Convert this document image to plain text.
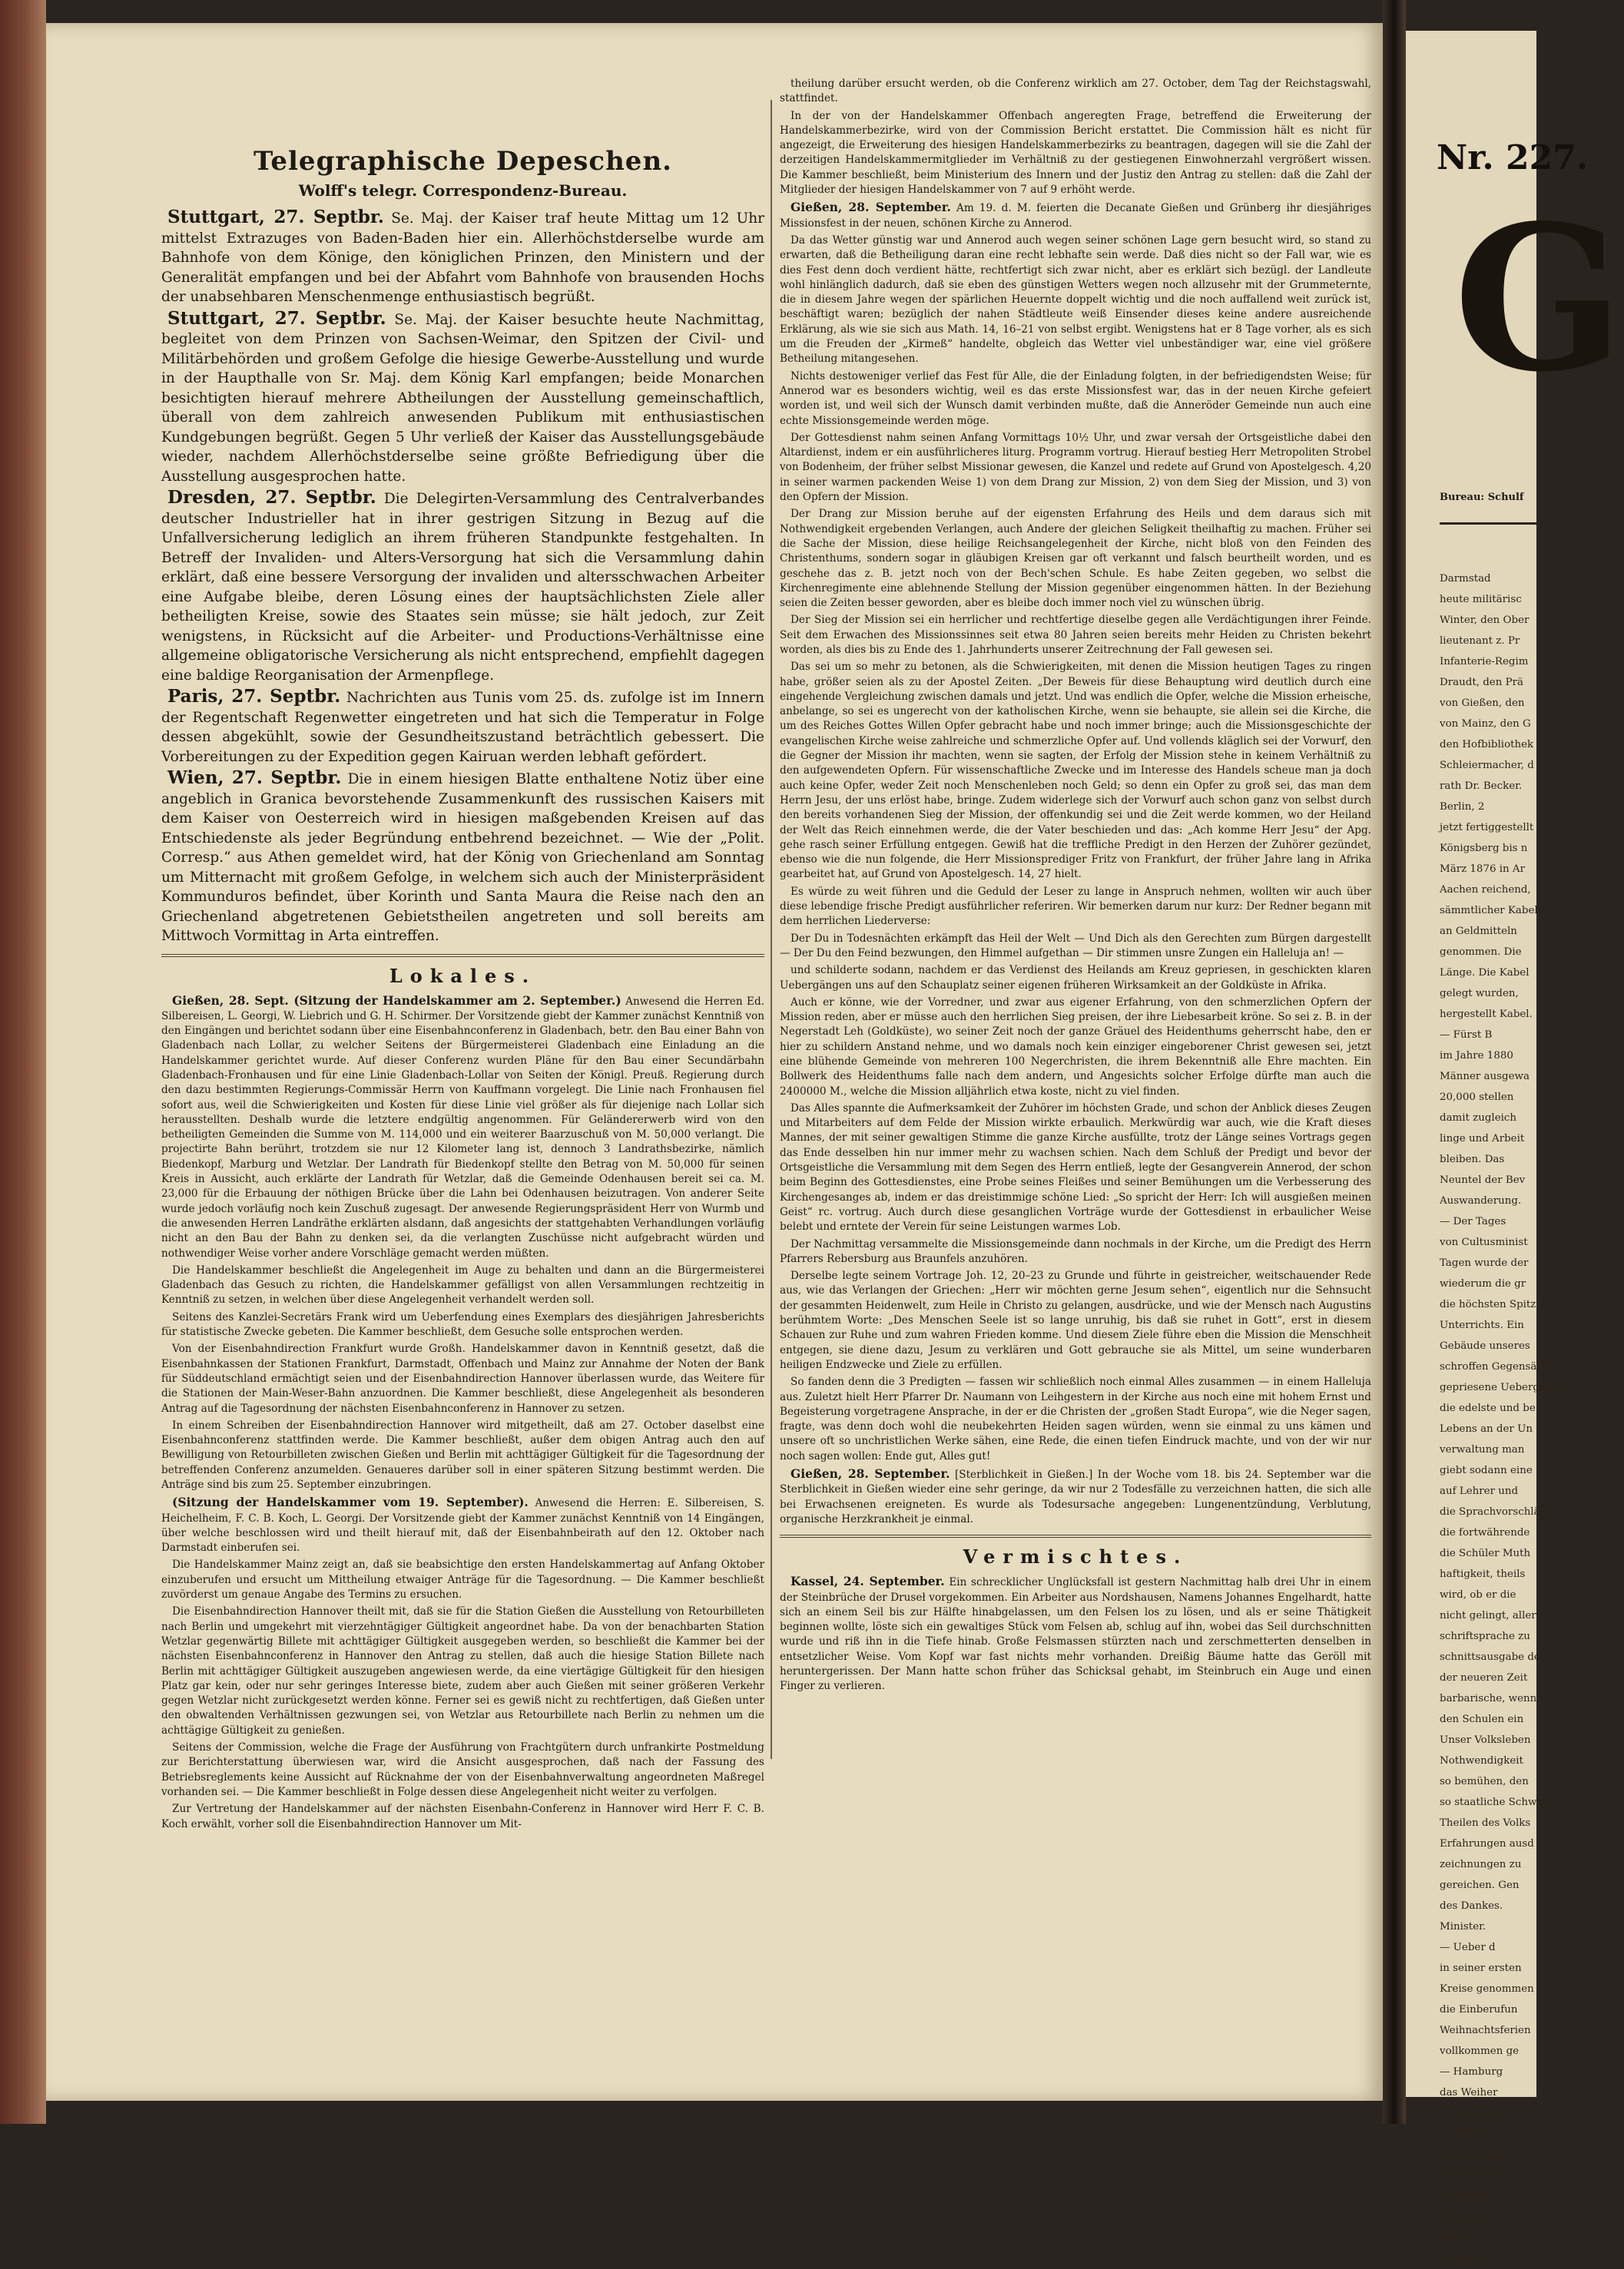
Telegraphische Depeschen.
Wolff's telegr. Correspondenz-Bureau.

Stuttgart, 27. Septbr. Se. Maj. der Kaiser traf heute Mittag um 12 Uhr mittelst Extrazuges von Baden-Baden hier ein. Allerhöchstderselbe wurde am Bahnhofe von dem Könige, den königlichen Prinzen, den Ministern und der Generalität empfangen und bei der Abfahrt vom Bahnhofe von brausenden Hochs der unabsehbaren Menschenmenge enthusiastisch begrüßt.

Stuttgart, 27. Septbr. Se. Maj. der Kaiser besuchte heute Nachmittag, begleitet von dem Prinzen von Sachsen-Weimar, den Spitzen der Civil- und Militärbehörden und großem Gefolge die hiesige Gewerbe-Ausstellung und wurde in der Haupthalle von Sr. Maj. dem König Karl empfangen; beide Monarchen besichtigten hierauf mehrere Abtheilungen der Ausstellung gemeinschaftlich, überall von dem zahlreich anwesenden Publikum mit enthusiastischen Kundgebungen begrüßt. Gegen 5 Uhr verließ der Kaiser das Ausstellungsgebäude wieder, nachdem Allerhöchstderselbe seine größte Befriedigung über die Ausstellung ausgesprochen hatte.

Dresden, 27. Septbr. Die Delegirten-Versammlung des Centralverbandes deutscher Industrieller hat in ihrer gestrigen Sitzung in Bezug auf die Unfallversicherung lediglich an ihrem früheren Standpunkte festgehalten. In Betreff der Invaliden- und Alters-Versorgung hat sich die Versammlung dahin erklärt, daß eine bessere Versorgung der invaliden und altersschwachen Arbeiter eine Aufgabe bleibe, deren Lösung eines der hauptsächlichsten Ziele aller betheiligten Kreise, sowie des Staates sein müsse; sie hält jedoch, zur Zeit wenigstens, in Rücksicht auf die Arbeiter- und Productions-Verhältnisse eine allgemeine obligatorische Versicherung als nicht entsprechend, empfiehlt dagegen eine baldige Reorganisation der Armenpflege.

Paris, 27. Septbr. Nachrichten aus Tunis vom 25. ds. zufolge ist im Innern der Regentschaft Regenwetter eingetreten und hat sich die Temperatur in Folge dessen abgekühlt, sowie der Gesundheitszustand beträchtlich gebessert. Die Vorbereitungen zu der Expedition gegen Kairuan werden lebhaft gefördert.

Wien, 27. Septbr. Die in einem hiesigen Blatte enthaltene Notiz über eine angeblich in Granica bevorstehende Zusammenkunft des russischen Kaisers mit dem Kaiser von Oesterreich wird in hiesigen maßgebenden Kreisen auf das Entschiedenste als jeder Begründung entbehrend bezeichnet. — Wie der „Polit. Corresp.“ aus Athen gemeldet wird, hat der König von Griechenland am Sonntag um Mitternacht mit großem Gefolge, in welchem sich auch der Ministerpräsident Kommunduros befindet, über Korinth und Santa Maura die Reise nach den an Griechenland abgetretenen Gebietstheilen angetreten und soll bereits am Mittwoch Vormittag in Arta eintreffen.

Lokales.

Gießen, 28. Sept. (Sitzung der Handelskammer am 2. September.) Anwesend die Herren Ed. Silbereisen, L. Georgi, W. Liebrich und G. H. Schirmer. Der Vorsitzende giebt der Kammer zunächst Kenntniß von den Eingängen und berichtet sodann über eine Eisenbahnconferenz in Gladenbach, betr. den Bau einer Bahn von Gladenbach nach Lollar, zu welcher Seitens der Bürgermeisterei Gladenbach eine Einladung an die Handelskammer gerichtet wurde. Auf dieser Conferenz wurden Pläne für den Bau einer Secundärbahn Gladenbach-Fronhausen und für eine Linie Gladenbach-Lollar von Seiten der Königl. Preuß. Regierung durch den dazu bestimmten Regierungs-Commissär Herrn von Kauffmann vorgelegt. Die Linie nach Fronhausen fiel sofort aus, weil die Schwierigkeiten und Kosten für diese Linie viel größer als für diejenige nach Lollar sich herausstellten. Deshalb wurde die letztere endgültig angenommen. Für Geländererwerb wird von den betheiligten Gemeinden die Summe von M. 114,000 und ein weiterer Baarzuschuß von M. 50,000 verlangt. Die projectirte Bahn berührt, trotzdem sie nur 12 Kilometer lang ist, dennoch 3 Landrathsbezirke, nämlich Biedenkopf, Marburg und Wetzlar. Der Landrath für Biedenkopf stellte den Betrag von M. 50,000 für seinen Kreis in Aussicht, auch erklärte der Landrath für Wetzlar, daß die Gemeinde Odenhausen bereit sei ca. M. 23,000 für die Erbauung der nöthigen Brücke über die Lahn bei Odenhausen beizutragen. Von anderer Seite wurde jedoch vorläufig noch kein Zuschuß zugesagt. Der anwesende Regierungspräsident Herr von Wurmb und die anwesenden Herren Landräthe erklärten alsdann, daß angesichts der stattgehabten Verhandlungen vorläufig nicht an den Bau der Bahn zu denken sei, da die verlangten Zuschüsse nicht aufgebracht würden und nothwendiger Weise vorher andere Vorschläge gemacht werden müßten.

Die Handelskammer beschließt die Angelegenheit im Auge zu behalten und dann an die Bürgermeisterei Gladenbach das Gesuch zu richten, die Handelskammer gefälligst von allen Versammlungen rechtzeitig in Kenntniß zu setzen, in welchen über diese Angelegenheit verhandelt werden soll.

Seitens des Kanzlei-Secretärs Frank wird um Ueberfendung eines Exemplars des diesjährigen Jahresberichts für statistische Zwecke gebeten. Die Kammer beschließt, dem Gesuche solle entsprochen werden.

Von der Eisenbahndirection Frankfurt wurde Großh. Handelskammer davon in Kenntniß gesetzt, daß die Eisenbahnkassen der Stationen Frankfurt, Darmstadt, Offenbach und Mainz zur Annahme der Noten der Bank für Süddeutschland ermächtigt seien und der Eisenbahndirection Hannover überlassen wurde, das Weitere für die Stationen der Main-Weser-Bahn anzuordnen. Die Kammer beschließt, diese Angelegenheit als besonderen Antrag auf die Tagesordnung der nächsten Eisenbahnconferenz in Hannover zu setzen.

In einem Schreiben der Eisenbahndirection Hannover wird mitgetheilt, daß am 27. October daselbst eine Eisenbahnconferenz stattfinden werde. Die Kammer beschließt, außer dem obigen Antrag auch den auf Bewilligung von Retourbilleten zwischen Gießen und Berlin mit achttägiger Gültigkeit für die Tagesordnung der betreffenden Conferenz anzumelden. Genaueres darüber soll in einer späteren Sitzung bestimmt werden. Die Anträge sind bis zum 25. September einzubringen.

(Sitzung der Handelskammer vom 19. September). Anwesend die Herren: E. Silbereisen, S. Heichelheim, F. C. B. Koch, L. Georgi. Der Vorsitzende giebt der Kammer zunächst Kenntniß von 14 Eingängen, über welche beschlossen wird und theilt hierauf mit, daß der Eisenbahnbeirath auf den 12. Oktober nach Darmstadt einberufen sei.

Die Handelskammer Mainz zeigt an, daß sie beabsichtige den ersten Handelskammertag auf Anfang Oktober einzuberufen und ersucht um Mittheilung etwaiger Anträge für die Tagesordnung. — Die Kammer beschließt zuvörderst um genaue Angabe des Termins zu ersuchen.

Die Eisenbahndirection Hannover theilt mit, daß sie für die Station Gießen die Ausstellung von Retourbilleten nach Berlin und umgekehrt mit vierzehntägiger Gültigkeit angeordnet habe. Da von der benachbarten Station Wetzlar gegenwärtig Billete mit achttägiger Gültigkeit ausgegeben werden, so beschließt die Kammer bei der nächsten Eisenbahnconferenz in Hannover den Antrag zu stellen, daß auch die hiesige Station Billete nach Berlin mit achttägiger Gültigkeit auszugeben angewiesen werde, da eine viertägige Gültigkeit für den hiesigen Platz gar kein, oder nur sehr geringes Interesse biete, zudem aber auch Gießen mit seiner größeren Verkehr gegen Wetzlar nicht zurückgesetzt werden könne. Ferner sei es gewiß nicht zu rechtfertigen, daß Gießen unter den obwaltenden Verhältnissen gezwungen sei, von Wetzlar aus Retourbillete nach Berlin zu nehmen um die achttägige Gültigkeit zu genießen.

Seitens der Commission, welche die Frage der Ausführung von Frachtgütern durch unfrankirte Postmeldung zur Berichterstattung überwiesen war, wird die Ansicht ausgesprochen, daß nach der Fassung des Betriebsreglements keine Aussicht auf Rücknahme der von der Eisenbahnverwaltung angeordneten Maßregel vorhanden sei. — Die Kammer beschließt in Folge dessen diese Angelegenheit nicht weiter zu verfolgen.

Zur Vertretung der Handelskammer auf der nächsten Eisenbahn-Conferenz in Hannover wird Herr F. C. B. Koch erwählt, vorher soll die Eisenbahndirection Hannover um Mit-

theilung darüber ersucht werden, ob die Conferenz wirklich am 27. October, dem Tag der Reichstagswahl, stattfindet.

In der von der Handelskammer Offenbach angeregten Frage, betreffend die Erweiterung der Handelskammerbezirke, wird von der Commission Bericht erstattet. Die Commission hält es nicht für angezeigt, die Erweiterung des hiesigen Handelskammerbezirks zu beantragen, dagegen will sie die Zahl der derzeitigen Handelskammermitglieder im Verhältniß zu der gestiegenen Einwohnerzahl vergrößert wissen. Die Kammer beschließt, beim Ministerium des Innern und der Justiz den Antrag zu stellen: daß die Zahl der Mitglieder der hiesigen Handelskammer von 7 auf 9 erhöht werde.

Gießen, 28. September. Am 19. d. M. feierten die Decanate Gießen und Grünberg ihr diesjähriges Missionsfest in der neuen, schönen Kirche zu Annerod.

Da das Wetter günstig war und Annerod auch wegen seiner schönen Lage gern besucht wird, so stand zu erwarten, daß die Betheiligung daran eine recht lebhafte sein werde. Daß dies nicht so der Fall war, wie es dies Fest denn doch verdient hätte, rechtfertigt sich zwar nicht, aber es erklärt sich bezügl. der Landleute wohl hinlänglich dadurch, daß sie eben des günstigen Wetters wegen noch allzusehr mit der Grummeternte, die in diesem Jahre wegen der spärlichen Heuernte doppelt wichtig und die noch auffallend weit zurück ist, beschäftigt waren; bezüglich der nahen Städtleute weiß Einsender dieses keine andere ausreichende Erklärung, als wie sie sich aus Math. 14, 16–21 von selbst ergibt. Wenigstens hat er 8 Tage vorher, als es sich um die Freuden der „Kirmeß“ handelte, obgleich das Wetter viel unbeständiger war, eine viel größere Betheilung mitangesehen.

Nichts destoweniger verlief das Fest für Alle, die der Einladung folgten, in der befriedigendsten Weise; für Annerod war es besonders wichtig, weil es das erste Missionsfest war, das in der neuen Kirche gefeiert worden ist, und weil sich der Wunsch damit verbinden mußte, daß die Anneröder Gemeinde nun auch eine echte Missionsgemeinde werden möge.

Der Gottesdienst nahm seinen Anfang Vormittags 10½ Uhr, und zwar versah der Ortsgeistliche dabei den Altardienst, indem er ein ausführlicheres liturg. Programm vortrug. Hierauf bestieg Herr Metropoliten Strobel von Bodenheim, der früher selbst Missionar gewesen, die Kanzel und redete auf Grund von Apostelgesch. 4,20 in seiner warmen packenden Weise 1) von dem Drang zur Mission, 2) von dem Sieg der Mission, und 3) von den Opfern der Mission.

Der Drang zur Mission beruhe auf der eigensten Erfahrung des Heils und dem daraus sich mit Nothwendigkeit ergebenden Verlangen, auch Andere der gleichen Seligkeit theilhaftig zu machen. Früher sei die Sache der Mission, diese heilige Reichsangelegenheit der Kirche, nicht bloß von den Feinden des Christenthums, sondern sogar in gläubigen Kreisen gar oft verkannt und falsch beurtheilt worden, und es geschehe das z. B. jetzt noch von der Bech'schen Schule. Es habe Zeiten gegeben, wo selbst die Kirchenregimente eine ablehnende Stellung der Mission gegenüber eingenommen hätten. In der Beziehung seien die Zeiten besser geworden, aber es bleibe doch immer noch viel zu wünschen übrig.

Der Sieg der Mission sei ein herrlicher und rechtfertige dieselbe gegen alle Verdächtigungen ihrer Feinde. Seit dem Erwachen des Missionssinnes seit etwa 80 Jahren seien bereits mehr Heiden zu Christen bekehrt worden, als dies bis zu Ende des 1. Jahrhunderts unserer Zeitrechnung der Fall gewesen sei.

Das sei um so mehr zu betonen, als die Schwierigkeiten, mit denen die Mission heutigen Tages zu ringen habe, größer seien als zu der Apostel Zeiten. „Der Beweis für diese Behauptung wird deutlich durch eine eingehende Vergleichung zwischen damals und jetzt. Und was endlich die Opfer, welche die Mission erheische, anbelange, so sei es ungerecht von der katholischen Kirche, wenn sie behaupte, sie allein sei die Kirche, die um des Reiches Gottes Willen Opfer gebracht habe und noch immer bringe; auch die Missionsgeschichte der evangelischen Kirche weise zahlreiche und schmerzliche Opfer auf. Und vollends kläglich sei der Vorwurf, den die Gegner der Mission ihr machten, wenn sie sagten, der Erfolg der Mission stehe in keinem Verhältniß zu den aufgewendeten Opfern. Für wissenschaftliche Zwecke und im Interesse des Handels scheue man ja doch auch keine Opfer, weder Zeit noch Menschenleben noch Geld; so denn ein Opfer zu groß sei, das man dem Herrn Jesu, der uns erlöst habe, bringe. Zudem widerlege sich der Vorwurf auch schon ganz von selbst durch den bereits vorhandenen Sieg der Mission, der offenkundig sei und die Zeit werde kommen, wo der Heiland der Welt das Reich einnehmen werde, die der Vater beschieden und das: „Ach komme Herr Jesu“ der Apg. gehe rasch seiner Erfüllung entgegen. Gewiß hat die treffliche Predigt in den Herzen der Zuhörer gezündet, ebenso wie die nun folgende, die Herr Missionsprediger Fritz von Frankfurt, der früher Jahre lang in Afrika gearbeitet hat, auf Grund von Apostelgesch. 14, 27 hielt.

Es würde zu weit führen und die Geduld der Leser zu lange in Anspruch nehmen, wollten wir auch über diese lebendige frische Predigt ausführlicher referiren. Wir bemerken darum nur kurz: Der Redner begann mit dem herrlichen Liederverse:

Der Du in Todesnächten erkämpft das Heil der Welt — Und Dich als den Gerechten zum Bürgen dargestellt — Der Du den Feind bezwungen, den Himmel aufgethan — Dir stimmen unsre Zungen ein Halleluja an! —

und schilderte sodann, nachdem er das Verdienst des Heilands am Kreuz gepriesen, in geschickten klaren Uebergängen uns auf den Schauplatz seiner eigenen früheren Wirksamkeit an der Goldküste in Afrika.

Auch er könne, wie der Vorredner, und zwar aus eigener Erfahrung, von den schmerzlichen Opfern der Mission reden, aber er müsse auch den herrlichen Sieg preisen, der ihre Liebesarbeit kröne. So sei z. B. in der Negerstadt Leh (Goldküste), wo seiner Zeit noch der ganze Gräuel des Heidenthums geherrscht habe, den er hier zu schildern Anstand nehme, und wo damals noch kein einziger eingeborener Christ gewesen sei, jetzt eine blühende Gemeinde von mehreren 100 Negerchristen, die ihrem Bekenntniß alle Ehre machten. Ein Bollwerk des Heidenthums falle nach dem andern, und Angesichts solcher Erfolge dürfte man auch die 2400000 M., welche die Mission alljährlich etwa koste, nicht zu viel finden.

Das Alles spannte die Aufmerksamkeit der Zuhörer im höchsten Grade, und schon der Anblick dieses Zeugen und Mitarbeiters auf dem Felde der Mission wirkte erbaulich. Merkwürdig war auch, wie die Kraft dieses Mannes, der mit seiner gewaltigen Stimme die ganze Kirche ausfüllte, trotz der Länge seines Vortrags gegen das Ende desselben hin nur immer mehr zu wachsen schien. Nach dem Schluß der Predigt und bevor der Ortsgeistliche die Versammlung mit dem Segen des Herrn entließ, legte der Gesangverein Annerod, der schon beim Beginn des Gottesdienstes, eine Probe seines Fleißes und seiner Bemühungen um die Verbesserung des Kirchengesanges ab, indem er das dreistimmige schöne Lied: „So spricht der Herr: Ich will ausgießen meinen Geist“ rc. vortrug. Auch durch diese gesanglichen Vorträge wurde der Gottesdienst in erbaulicher Weise belebt und erntete der Verein für seine Leistungen warmes Lob.

Der Nachmittag versammelte die Missionsgemeinde dann nochmals in der Kirche, um die Predigt des Herrn Pfarrers Rebersburg aus Braunfels anzuhören.

Derselbe legte seinem Vortrage Joh. 12, 20–23 zu Grunde und führte in geistreicher, weitschauender Rede aus, wie das Verlangen der Griechen: „Herr wir möchten gerne Jesum sehen“, eigentlich nur die Sehnsucht der gesammten Heidenwelt, zum Heile in Christo zu gelangen, ausdrücke, und wie der Mensch nach Augustins berühmtem Worte: „Des Menschen Seele ist so lange unruhig, bis daß sie ruhet in Gott“, erst in diesem Schauen zur Ruhe und zum wahren Frieden komme. Und diesem Ziele führe eben die Mission die Menschheit entgegen, sie diene dazu, Jesum zu verklären und Gott gebrauche sie als Mittel, um seine wunderbaren heiligen Endzwecke und Ziele zu erfüllen.

So fanden denn die 3 Predigten — fassen wir schließlich noch einmal Alles zusammen — in einem Halleluja aus. Zuletzt hielt Herr Pfarrer Dr. Naumann von Leihgestern in der Kirche aus noch eine mit hohem Ernst und Begeisterung vorgetragene Ansprache, in der er die Christen der „großen Stadt Europa“, wie die Neger sagen, fragte, was denn doch wohl die neubekehrten Heiden sagen würden, wenn sie einmal zu uns kämen und unsere oft so unchristlichen Werke sähen, eine Rede, die einen tiefen Eindruck machte, und von der wir nur noch sagen wollen: Ende gut, Alles gut!

Gießen, 28. September. [Sterblichkeit in Gießen.] In der Woche vom 18. bis 24. September war die Sterblichkeit in Gießen wieder eine sehr geringe, da wir nur 2 Todesfälle zu verzeichnen hatten, die sich alle bei Erwachsenen ereigneten. Es wurde als Todesursache angegeben: Lungenentzündung, Verblutung, organische Herzkrankheit je einmal.

Vermischtes.

Kassel, 24. September. Ein schrecklicher Unglücksfall ist gestern Nachmittag halb drei Uhr in einem der Steinbrüche der Druseł vorgekommen. Ein Arbeiter aus Nordshausen, Namens Johannes Engelhardt, hatte sich an einem Seil bis zur Hälfte hinabgelassen, um den Felsen los zu lösen, und als er seine Thätigkeit beginnen wollte, löste sich ein gewaltiges Stück vom Felsen ab, schlug auf ihn, wobei das Seil durchschnitten wurde und riß ihn in die Tiefe hinab. Große Felsmassen stürzten nach und zerschmetterten denselben in entsetzlicher Weise. Vom Kopf war fast nichts mehr vorhanden. Dreißig Bäume hatte das Geröll mit heruntergerissen. Der Mann hatte schon früher das Schicksal gehabt, im Steinbruch ein Auge und einen Finger zu verlieren.

Nr. 227.
G
Bureau: Schulf
Darmstad
heute militärisc
Winter, den Ober
lieutenant z. Pr
Infanterie-Regim
Draudt, den Prä
von Gießen, den
von Mainz, den G
den Hofbibliothek
Schleiermacher, d
rath Dr. Becker.
Berlin, 2
jetzt fertiggestellt
Königsberg bis n
März 1876 in Ar
Aachen reichend,
sämmtlicher Kabel
an Geldmitteln
genommen. Die
Länge. Die Kabel
gelegt wurden,
hergestellt Kabel.
— Fürst B
im Jahre 1880
Männer ausgewa
20,000 stellen
damit zugleich
linge und Arbeit
bleiben. Das
Neuntel der Bev
Auswanderung.
— Der Tages
von Cultusminist
Tagen wurde der
wiederum die gr
die höchsten Spitz
Unterrichts. Ein
Gebäude unseres
schroffen Gegensätze
gepriesene Uebergäng
die edelste und be
Lebens an der Un
verwaltung man
giebt sodann eine
auf Lehrer und
die Sprachvorschläge
die fortwährende
die Schüler Muth
haftigkeit, theils
wird, ob er die
nicht gelingt, aller
schriftsprache zu
schnittsausgabe der
der neueren Zeit
barbarische, wenn
den Schulen ein
Unser Volksleben
Nothwendigkeit
so bemühen, den
so staatliche Schwa
Theilen des Volks
Erfahrungen ausd
zeichnungen zu
gereichen. Gen
des Dankes.
Minister.
— Ueber d
in seiner ersten
Kreise genommen
die Einberufun
Weihnachtsferien
vollkommen ge
— Hamburg
das Weiher
in Wandsbeck
zu zahlen
das Gebäude
in Winterhude
zu geben
Wanderung
als einer
scheint
